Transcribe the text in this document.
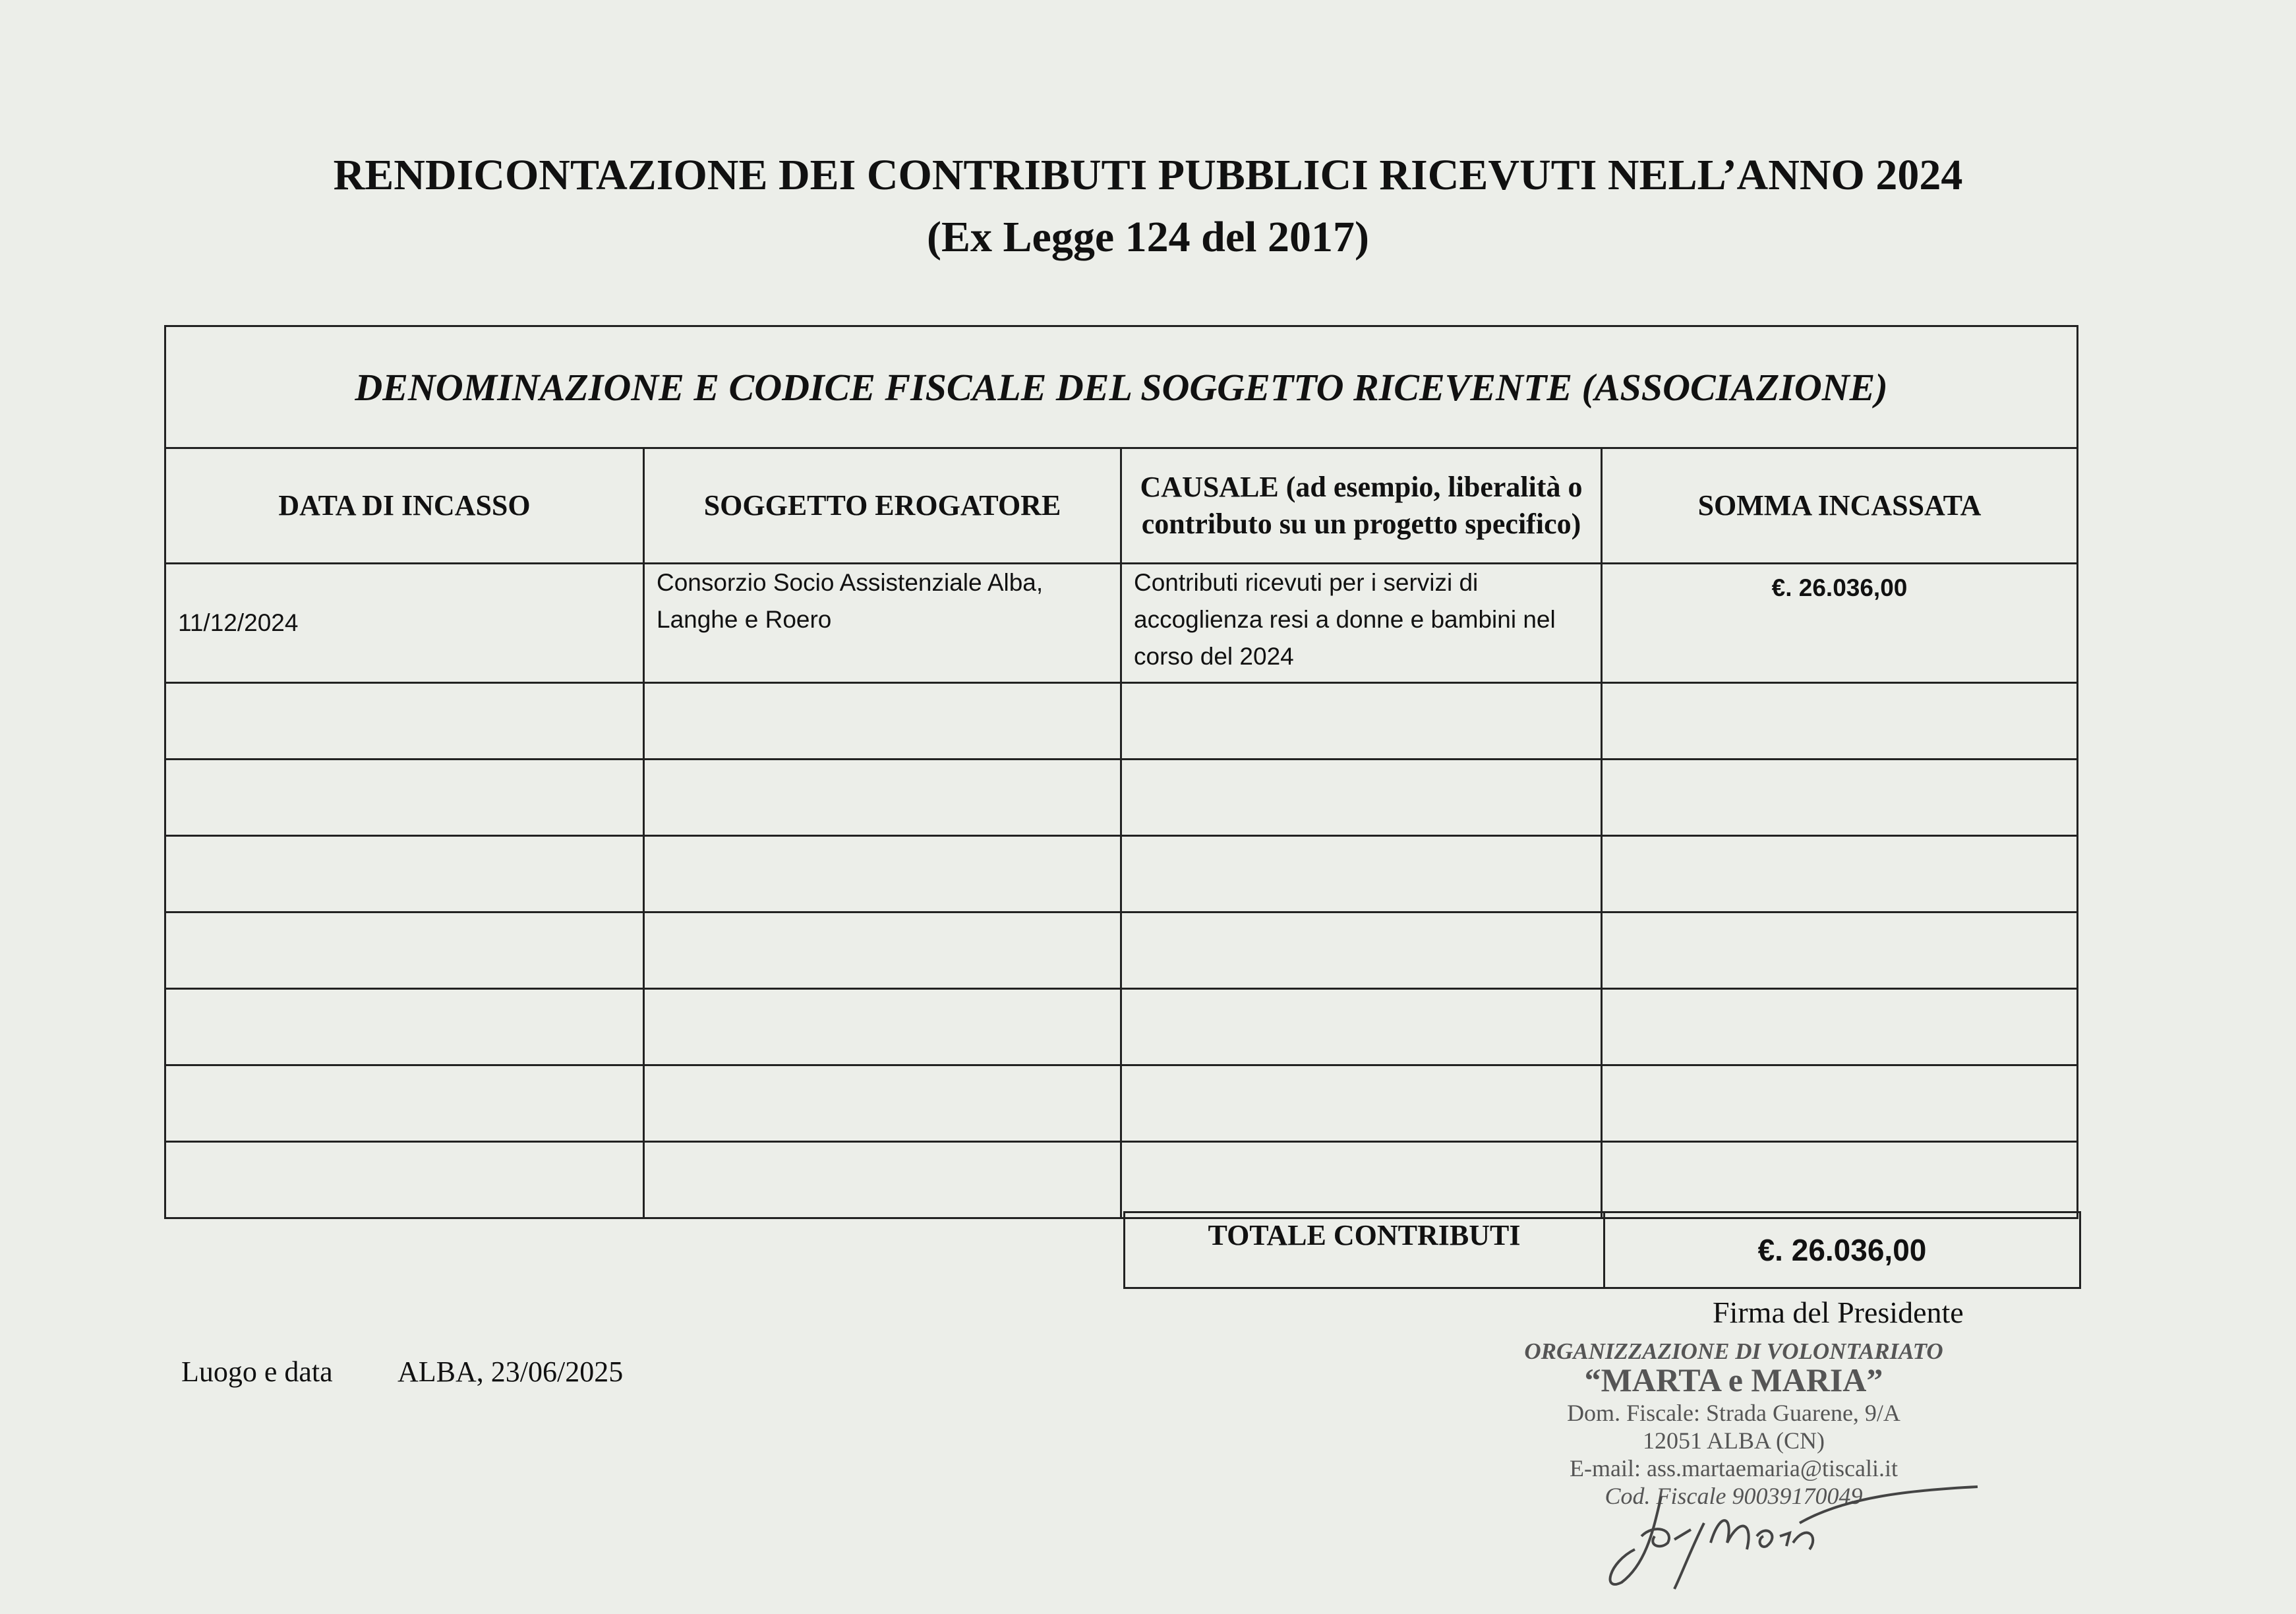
RENDICONTAZIONE DEI CONTRIBUTI PUBBLICI RICEVUTI NELL’ANNO 2024
(Ex Legge 124 del 2017)
DENOMINAZIONE E CODICE FISCALE DEL SOGGETTO RICEVENTE (ASSOCIAZIONE)			
DATA DI INCASSO	SOGGETTO EROGATORE	CAUSALE (ad esempio, liberalità o contributo su un progetto specifico)	SOMMA INCASSATA
11/12/2024	Consorzio Socio Assistenziale Alba, Langhe e Roero	Contributi ricevuti per i servizi di accoglienza resi a donne e bambini nel corso del 2024	€. 26.036,00

TOTALE CONTRIBUTI	€. 26.036,00
Luogo e data ALBA, 23/06/2025
Firma del Presidente
ORGANIZZAZIONE DI VOLONTARIATO
“MARTA e MARIA”
Dom. Fiscale: Strada Guarene, 9/A
12051 ALBA (CN)
E-mail: ass.martaemaria@tiscali.it
Cod. Fiscale 90039170049
